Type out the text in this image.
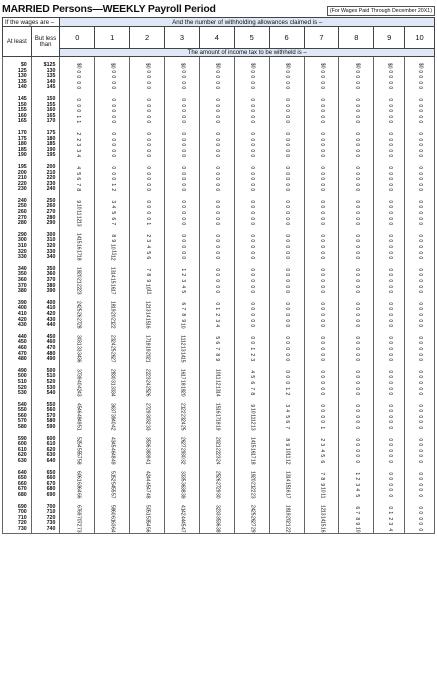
MARRIED Persons—WEEKLY Payroll Period	(For Wages Paid Through December 20X1)
If the wages are –		And the number of withholding allowances claimed is –										
At least	But less than	0	1	2	3	4	5	6	7	8	9	10
		The amount of income tax to be withheld is –										
$0	$125	$0	$0	$0	$0	$0	$0	$0	$0	$0	$0	$0
125	130	0	0	0	0	0	0	0	0	0	0	0
130	135	0	0	0	0	0	0	0	0	0	0	0
135	140	0	0	0	0	0	0	0	0	0	0	0
140	145	0	0	0	0	0	0	0	0	0	0	0
145	150	0	0	0	0	0	0	0	0	0	0	0
150	155	0	0	0	0	0	0	0	0	0	0	0
155	160	0	0	0	0	0	0	0	0	0	0	0
160	165	1	0	0	0	0	0	0	0	0	0	0
165	170	1	0	0	0	0	0	0	0	0	0	0
170	175	2	0	0	0	0	0	0	0	0	0	0
175	180	2	0	0	0	0	0	0	0	0	0	0
180	185	3	0	0	0	0	0	0	0	0	0	0
185	190	3	0	0	0	0	0	0	0	0	0	0
190	195	4	0	0	0	0	0	0	0	0	0	0
195	200	4	0	0	0	0	0	0	0	0	0	0
200	210	5	0	0	0	0	0	0	0	0	0	0
210	220	6	0	0	0	0	0	0	0	0	0	0
220	230	7	1	0	0	0	0	0	0	0	0	0
230	240	8	2	0	0	0	0	0	0	0	0	0
240	250	9	3	0	0	0	0	0	0	0	0	0
250	260	10	4	0	0	0	0	0	0	0	0	0
260	270	11	5	0	0	0	0	0	0	0	0	0
270	280	12	6	0	0	0	0	0	0	0	0	0
280	290	13	7	1	0	0	0	0	0	0	0	0
290	300	14	8	2	0	0	0	0	0	0	0	0
300	310	15	9	3	0	0	0	0	0	0	0	0
310	320	16	10	4	0	0	0	0	0	0	0	0
320	330	17	11	5	0	0	0	0	0	0	0	0
330	340	18	12	6	0	0	0	0	0	0	0	0
340	350	19	13	7	1	0	0	0	0	0	0	0
350	360	20	14	8	2	0	0	0	0	0	0	0
360	370	21	15	9	3	0	0	0	0	0	0	0
370	380	22	16	10	4	0	0	0	0	0	0	0
380	390	23	17	11	5	0	0	0	0	0	0	0
390	400	24	18	12	6	0	0	0	0	0	0	0
400	410	25	19	13	7	1	0	0	0	0	0	0
410	420	26	20	14	8	2	0	0	0	0	0	0
420	430	27	21	15	9	3	0	0	0	0	0	0
430	440	28	22	16	10	4	0	0	0	0	0	0
440	450	30	23	17	11	5	0	0	0	0	0	0
450	460	31	24	18	12	6	0	0	0	0	0	0
460	470	33	25	19	13	7	1	0	0	0	0	0
470	480	34	26	20	14	8	2	0	0	0	0	0
480	490	36	27	21	15	9	3	0	0	0	0	0
490	500	37	28	22	16	10	4	0	0	0	0	0
500	510	39	30	23	17	11	5	0	0	0	0	0
510	520	40	31	24	18	12	6	0	0	0	0	0
520	530	42	33	25	19	13	7	1	0	0	0	0
530	540	43	34	26	20	14	8	2	0	0	0	0
540	550	45	36	27	21	15	9	3	0	0	0	0
550	560	46	37	29	22	16	10	4	0	0	0	0
560	570	48	39	30	23	17	11	5	0	0	0	0
570	580	49	40	32	24	18	12	6	0	0	0	0
580	590	51	42	33	25	19	13	7	1	0	0	0
590	600	52	43	35	26	20	14	8	2	0	0	0
600	610	54	45	36	27	21	15	9	3	0	0	0
610	620	55	46	38	29	22	16	10	4	0	0	0
620	630	57	48	39	30	23	17	11	5	0	0	0
630	640	58	49	41	32	24	18	12	6	0	0	0
640	650	60	51	42	33	25	19	13	7	1	0	0
650	660	61	52	44	35	26	20	14	8	2	0	0
660	670	63	54	45	36	27	21	15	9	3	0	0
670	680	64	55	47	38	29	22	16	10	4	0	0
680	690	66	57	48	39	30	23	17	11	5	0	0
690	700	67	58	50	41	32	24	18	12	6	0	0
700	710	69	60	51	42	33	25	19	13	7	1	0
710	720	70	61	53	44	35	26	20	14	8	2	0
720	730	72	63	54	45	36	27	21	15	9	3	0
730	740	73	64	56	47	38	29	22	16	10	4	0
